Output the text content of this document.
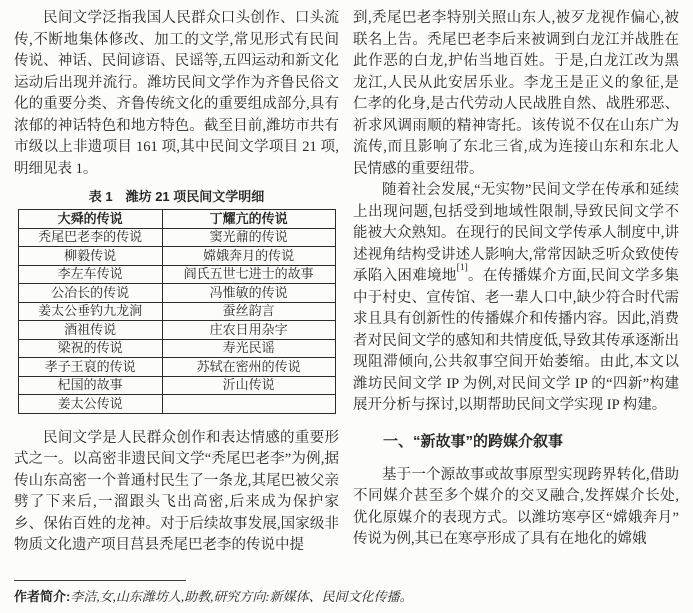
民间文学泛指我国人民群众口头创作、口头流传,不断地集体修改、加工的文学,常见形式有民间传说、神话、民间谚语、民谣等,五四运动和新文化运动后出现并流行。潍坊民间文学作为齐鲁民俗文化的重要分类、齐鲁传统文化的重要组成部分,具有浓郁的神话特色和地方特色。截至目前,潍坊市共有市级以上非遗项目 161 项,其中民间文学项目 21 项,明细见表 1。

表 1　潍坊 21 项民间文学明细
大舜的传说	丁耀亢的传说
秃尾巴老李的传说	窦光鼐的传说
柳毅传说	嫦娥奔月的传说
李左车传说	阎氏五世七进士的故事
公冶长的传说	冯惟敏的传说
姜太公垂钓九龙涧	蚕丝韵言
酒祖传说	庄农日用杂字
梁祝的传说	寿光民谣
孝子王裒的传说	苏轼在密州的传说
杞国的故事	沂山传说
姜太公传说	

民间文学是人民群众创作和表达情感的重要形式之一。以高密非遗民间文学“秃尾巴老李”为例,据传山东高密一个普通村民生了一条龙,其尾巴被父亲劈了下来后,一溜跟头飞出高密,后来成为保护家乡、保佑百姓的龙神。对于后续故事发展,国家级非物质文化遗产项目莒县秃尾巴老李的传说中提

到,秃尾巴老李特别关照山东人,被歹龙视作偏心,被联名上告。秃尾巴老李后来被调到白龙江并战胜在此作恶的白龙,护佑当地百姓。于是,白龙江改为黑龙江,人民从此安居乐业。李龙王是正义的象征,是仁孝的化身,是古代劳动人民战胜自然、战胜邪恶、祈求风调雨顺的精神寄托。该传说不仅在山东广为流传,而且影响了东北三省,成为连接山东和东北人民情感的重要纽带。

随着社会发展,“无实物”民间文学在传承和延续上出现问题,包括受到地域性限制,导致民间文学不能被大众熟知。在现行的民间文学传承人制度中,讲述视角结构受讲述人影响大,常常因缺乏听众致使传承陷入困难境地[1]。在传播媒介方面,民间文学多集中于村史、宣传馆、老一辈人口中,缺少符合时代需求且具有创新性的传播媒介和传播内容。因此,消费者对民间文学的感知和共情度低,导致其传承逐渐出现阻滞倾向,公共叙事空间开始萎缩。由此,本文以潍坊民间文学 IP 为例,对民间文学 IP 的“四新”构建展开分析与探讨,以期帮助民间文学实现 IP 构建。

一、“新故事”的跨媒介叙事

基于一个源故事或故事原型实现跨界转化,借助不同媒介甚至多个媒介的交叉融合,发挥媒介长处,优化原媒介的表现方式。以潍坊寒亭区“嫦娥奔月”传说为例,其已在寒亭形成了具有在地化的嫦娥

作者简介:李洁,女,山东潍坊人,助教,研究方向:新媒体、民间文化传播。
